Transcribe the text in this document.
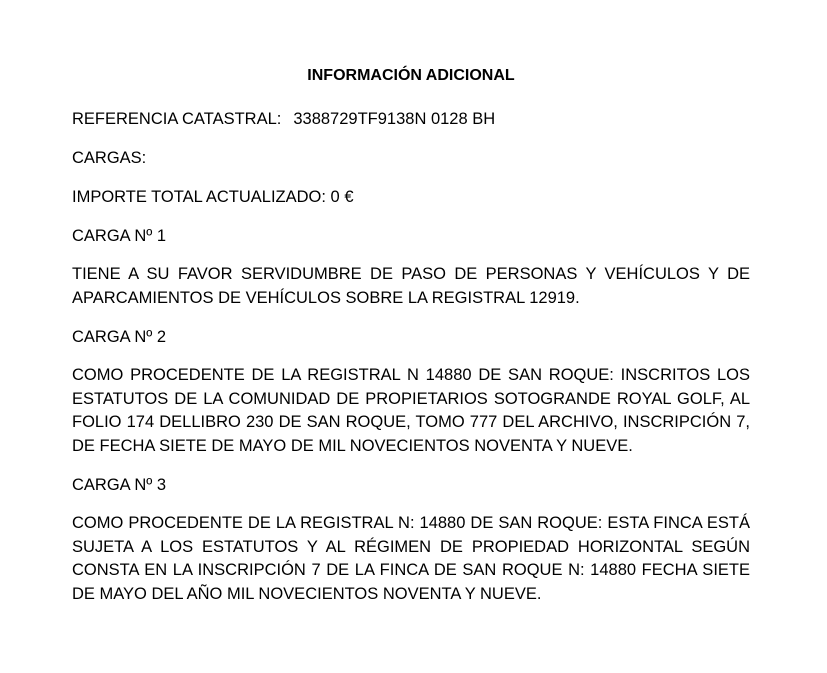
INFORMACIÓN ADICIONAL
REFERENCIA CATASTRAL: 3388729TF9138N 0128 BH
CARGAS:
IMPORTE TOTAL ACTUALIZADO: 0 €
CARGA Nº 1
TIENE A SU FAVOR SERVIDUMBRE DE PASO DE PERSONAS Y VEHÍCULOS Y DE APARCAMIENTOS DE VEHÍCULOS SOBRE LA REGISTRAL 12919.
CARGA Nº 2
COMO PROCEDENTE DE LA REGISTRAL N 14880 DE SAN ROQUE: INSCRITOS LOS ESTATUTOS DE LA COMUNIDAD DE PROPIETARIOS SOTOGRANDE ROYAL GOLF, AL FOLIO 174 DELLIBRO 230 DE SAN ROQUE, TOMO 777 DEL ARCHIVO, INSCRIPCIÓN 7, DE FECHA SIETE DE MAYO DE MIL NOVECIENTOS NOVENTA Y NUEVE.
CARGA Nº 3
COMO PROCEDENTE DE LA REGISTRAL N: 14880 DE SAN ROQUE: ESTA FINCA ESTÁ SUJETA A LOS ESTATUTOS Y AL RÉGIMEN DE PROPIEDAD HORIZONTAL SEGÚN CONSTA EN LA INSCRIPCIÓN 7 DE LA FINCA DE SAN ROQUE N: 14880 FECHA SIETE DE MAYO DEL AÑO MIL NOVECIENTOS NOVENTA Y NUEVE.
